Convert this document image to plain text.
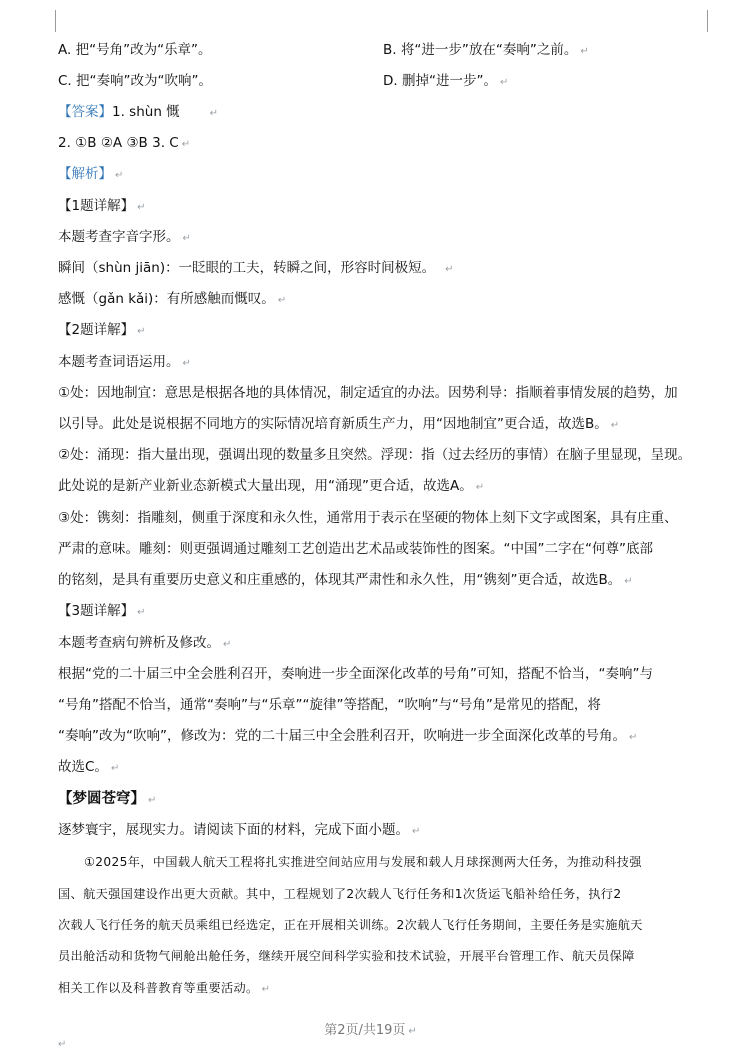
A. 把“号角”改为“乐章”。	B. 将“进一步”放在“奏响”之前。 ↵
C. 把“奏响”改为“吹响”。	D. 删掉“进一步”。 ↵
【答案】1. shùn 慨	↵
2. ①B ②A ③B 3. C ↵
【解析】 ↵
【1题详解】 ↵
本题考查字音字形。 ↵
瞬间（shùn jiān)：一眨眼的工夫，转瞬之间，形容时间极短。 ↵
感慨（gǎn kǎi)：有所感触而慨叹。 ↵
【2题详解】 ↵
本题考查词语运用。 ↵
①处：因地制宜：意思是根据各地的具体情况，制定适宜的办法。因势利导：指顺着事情发展的趋势，加
以引导。此处是说根据不同地方的实际情况培育新质生产力，用“因地制宜”更合适，故选B。 ↵
②处：涌现：指大量出现，强调出现的数量多且突然。浮现：指（过去经历的事情）在脑子里显现，呈现。
此处说的是新产业新业态新模式大量出现，用“涌现”更合适，故选A。 ↵
③处：镌刻：指雕刻，侧重于深度和永久性，通常用于表示在坚硬的物体上刻下文字或图案，具有庄重、
严肃的意味。雕刻：则更强调通过雕刻工艺创造出艺术品或装饰性的图案。“中国”二字在“何尊”底部
的铭刻，是具有重要历史意义和庄重感的，体现其严肃性和永久性，用“镌刻”更合适，故选B。 ↵
【3题详解】 ↵
本题考查病句辨析及修改。 ↵
根据“党的二十届三中全会胜利召开，奏响进一步全面深化改革的号角”可知，搭配不恰当，“奏响”与
“号角”搭配不恰当，通常“奏响”与“乐章”“旋律”等搭配，“吹响”与“号角”是常见的搭配，将
“奏响”改为“吹响”，修改为：党的二十届三中全会胜利召开，吹响进一步全面深化改革的号角。 ↵
故选C。 ↵
【梦圆苍穹】 ↵
逐梦寰宇，展现实力。请阅读下面的材料，完成下面小题。 ↵
①2025年，中国载人航天工程将扎实推进空间站应用与发展和载人月球探测两大任务，为推动科技强
国、航天强国建设作出更大贡献。其中，工程规划了2次载人飞行任务和1次货运飞船补给任务，执行2
次载人飞行任务的航天员乘组已经选定，正在开展相关训练。2次载人飞行任务期间，主要任务是实施航天
员出舱活动和货物气闸舱出舱任务，继续开展空间科学实验和技术试验，开展平台管理工作、航天员保障
相关工作以及科普教育等重要活动。 ↵
第2页/共19页 ↵
↵
